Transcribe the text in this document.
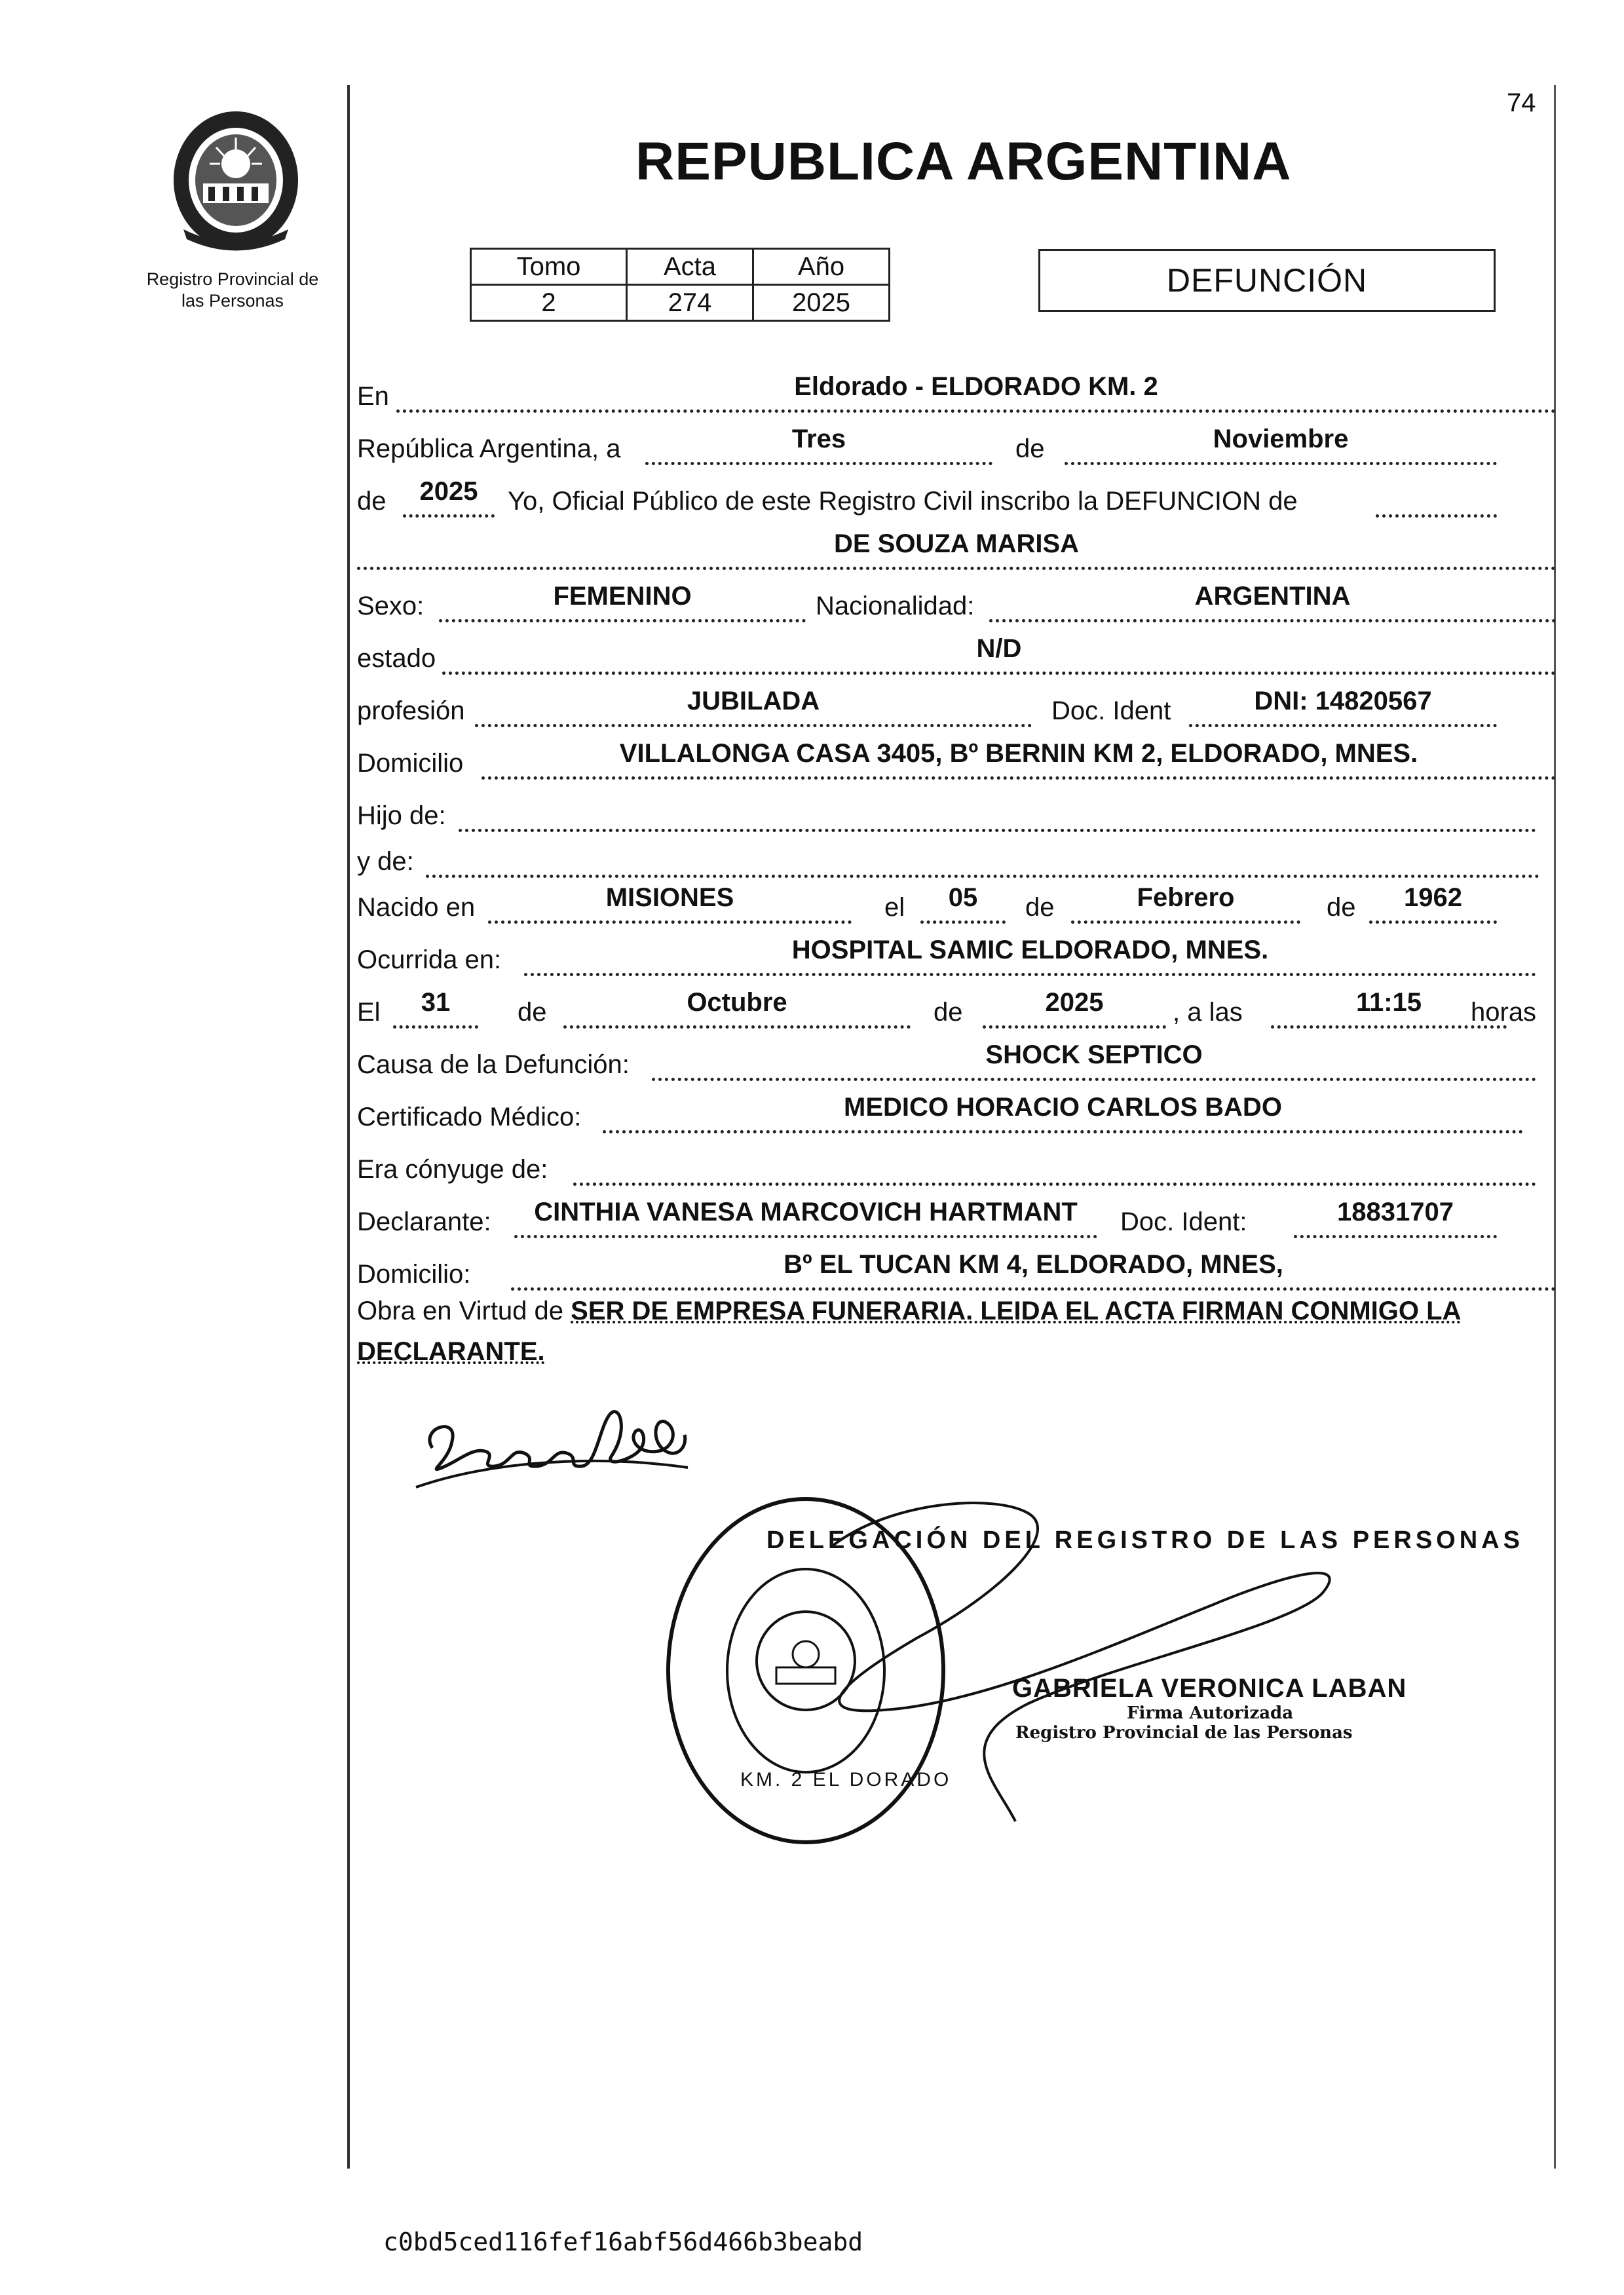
74
Registro Provincial de
las Personas
REPUBLICA ARGENTINA
Tomo	Acta	Año
2	274	2025
DEFUNCIÓN
En	Eldorado - ELDORADO KM. 2
República Argentina, a	Tres	de	Noviembre
de	2025	Yo, Oficial Público de este Registro Civil inscribo la DEFUNCION de
DE SOUZA MARISA
Sexo:	FEMENINO	Nacionalidad:	ARGENTINA
estado	N/D
profesión	JUBILADA	Doc. Ident	DNI: 14820567
Domicilio	VILLALONGA CASA 3405, Bº BERNIN KM 2, ELDORADO, MNES.
Hijo de:
y de:
Nacido en	MISIONES	el	05	de	Febrero	de	1962
Ocurrida en:	HOSPITAL SAMIC ELDORADO, MNES.
El	31	de	Octubre	de	2025	, a las	11:15	horas
Causa de la Defunción:	SHOCK SEPTICO
Certificado Médico:	MEDICO HORACIO CARLOS BADO
Era cónyuge de:
Declarante:	CINTHIA VANESA MARCOVICH HARTMANT	Doc. Ident:	18831707
Domicilio:	Bº EL TUCAN KM 4, ELDORADO, MNES,
Obra en Virtud de SER DE EMPRESA FUNERARIA. LEIDA EL ACTA FIRMAN CONMIGO LA DECLARANTE.
DELEGACIÓN DEL REGISTRO DE LAS PERSONAS
KM. 2 EL DORADO
GABRIELA VERONICA LABAN
Firma Autorizada
Registro Provincial de las Personas
c0bd5ced116fef16abf56d466b3beabd
